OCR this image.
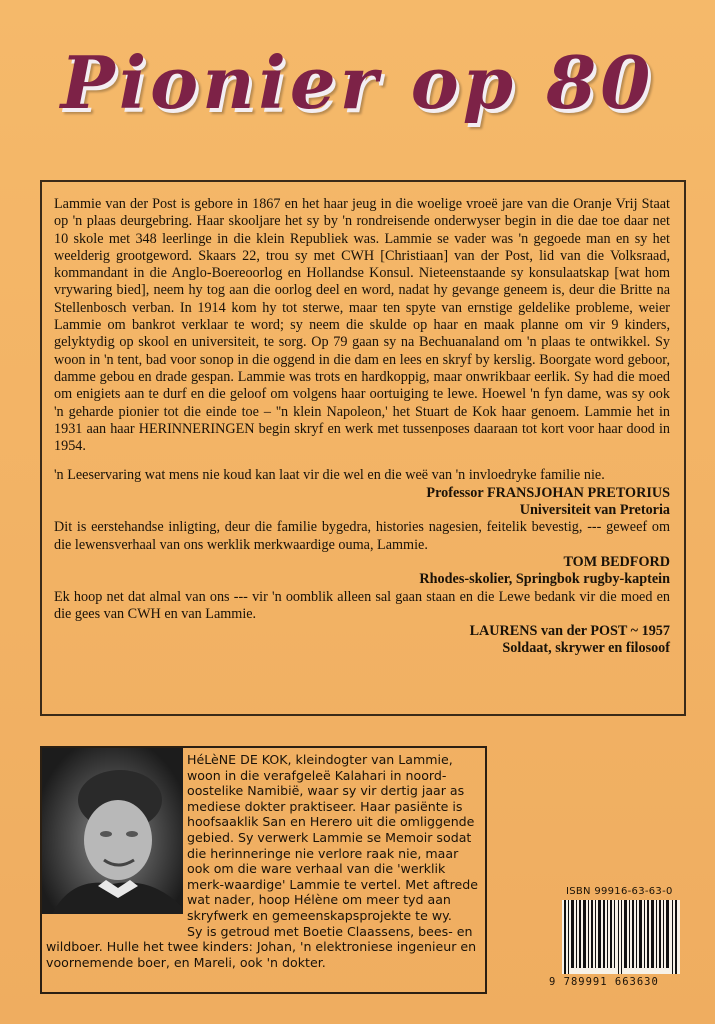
Pionier op 80

Lammie van der Post is gebore in 1867 en het haar jeug in die woelige vroeë jare van die Oranje Vrij Staat op 'n plaas deurgebring. Haar skooljare het sy by 'n rondreisende onderwyser begin in die dae toe daar net 10 skole met 348 leerlinge in die klein Republiek was. Lammie se vader was 'n gegoede man en sy het weelderig grootgeword. Skaars 22, trou sy met CWH [Christiaan] van der Post, lid van die Volksraad, kommandant in die Anglo-Boereoorlog en Hollandse Konsul. Nieteenstaande sy konsulaatskap [wat hom vrywaring bied], neem hy tog aan die oorlog deel en word, nadat hy gevange geneem is, deur die Britte na Stellenbosch verban. In 1914 kom hy tot sterwe, maar ten spyte van ernstige geldelike probleme, weier Lammie om bankrot verklaar te word; sy neem die skulde op haar en maak planne om vir 9 kinders, gelyktydig op skool en universiteit, te sorg. Op 79 gaan sy na Bechuanaland om 'n plaas te ontwikkel. Sy woon in 'n tent, bad voor sonop in die oggend in die dam en lees en skryf by kerslig. Boorgate word geboor, damme gebou en drade gespan. Lammie was trots en hardkoppig, maar onwrikbaar eerlik. Sy had die moed om enigiets aan te durf en die geloof om volgens haar oortuiging te lewe. Hoewel 'n fyn dame, was sy ook 'n geharde pionier tot die einde toe – ''n klein Napoleon,' het Stuart de Kok haar genoem. Lammie het in 1931 aan haar HERINNERINGEN begin skryf en werk met tussenposes daaraan tot kort voor haar dood in 1954.

'n Leeservaring wat mens nie koud kan laat vir die wel en die weë van 'n invloedryke familie nie.

Professor FRANSJOHAN PRETORIUS

Universiteit van Pretoria

Dit is eerstehandse inligting, deur die familie bygedra, histories nagesien, feitelik bevestig, --- geweef om die lewensverhaal van ons werklik merkwaardige ouma, Lammie.

TOM BEDFORD

Rhodes-skolier, Springbok rugby-kaptein

Ek hoop net dat almal van ons --- vir 'n oomblik alleen sal gaan staan en die Lewe bedank vir die moed en die gees van CWH en van Lammie.

LAURENS van der POST ~ 1957

Soldaat, skrywer en filosoof

HéLèNE DE KOK, kleindogter van Lammie, woon in die verafgeleë Kalahari in noord-oostelike Namibië, waar sy vir dertig jaar as mediese dokter praktiseer. Haar pasiënte is hoofsaaklik San en Herero uit die omliggende gebied. Sy verwerk Lammie se Memoir sodat die herinneringe nie verlore raak nie, maar ook om die ware verhaal van die 'werklik merk-waardige' Lammie te vertel. Met aftrede wat nader, hoop Hélène om meer tyd aan skryfwerk en gemeenskapsprojekte te wy.
Sy is getroud met Boetie Claassens, bees- en wildboer. Hulle het twee kinders: Johan, 'n elektroniese ingenieur en voornemende boer, en Mareli, ook 'n dokter.
ISBN 99916-63-63-0
9 789991 663630
